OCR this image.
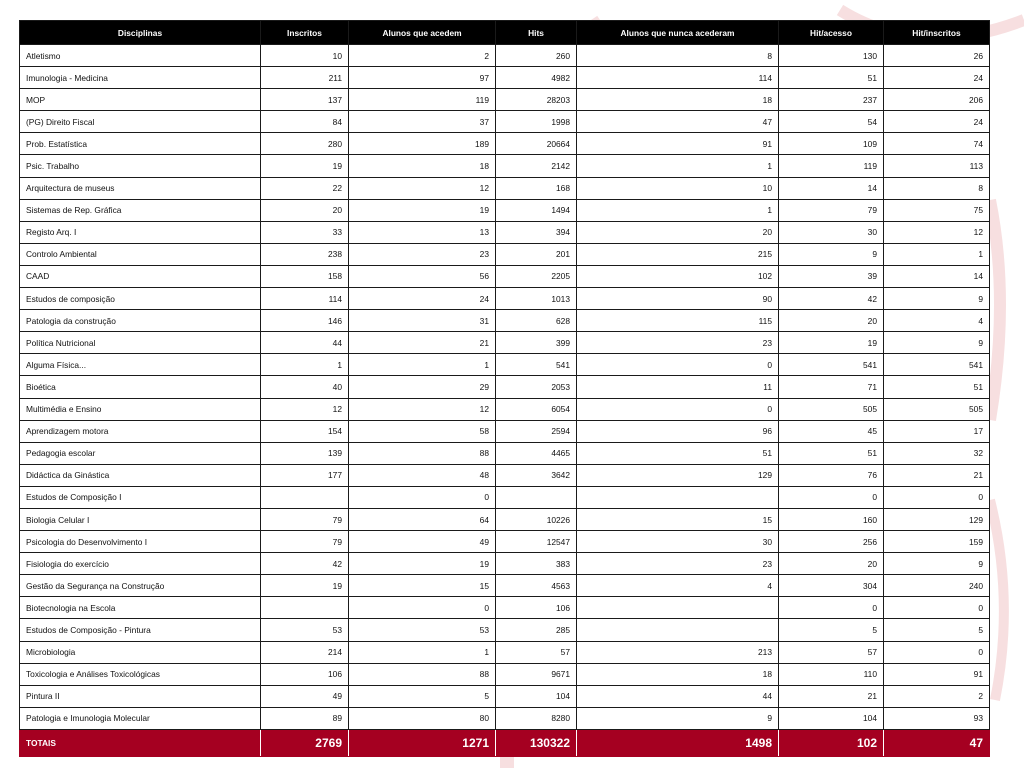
Disciplinas	Inscritos	Alunos que acedem	Hits	Alunos que nunca acederam	Hit/acesso	Hit/inscritos
Atletismo	10	2	260	8	130	26
Imunologia - Medicina	211	97	4982	114	51	24
MOP	137	119	28203	18	237	206
(PG) Direito Fiscal	84	37	1998	47	54	24
Prob. Estatística	280	189	20664	91	109	74
Psic. Trabalho	19	18	2142	1	119	113
Arquitectura de museus	22	12	168	10	14	8
Sistemas de Rep. Gráfica	20	19	1494	1	79	75
Registo Arq. I	33	13	394	20	30	12
Controlo Ambiental	238	23	201	215	9	1
CAAD	158	56	2205	102	39	14
Estudos de composição	114	24	1013	90	42	9
Patologia da construção	146	31	628	115	20	4
Política Nutricional	44	21	399	23	19	9
Alguma Física...	1	1	541	0	541	541
Bioética	40	29	2053	11	71	51
Multimédia e Ensino	12	12	6054	0	505	505
Aprendizagem motora	154	58	2594	96	45	17
Pedagogia escolar	139	88	4465	51	51	32
Didáctica da Ginástica	177	48	3642	129	76	21
Estudos de Composição I		0			0	0
Biologia Celular I	79	64	10226	15	160	129
Psicologia do Desenvolvimento I	79	49	12547	30	256	159
Fisiologia do exercício	42	19	383	23	20	9
Gestão da Segurança na Construção	19	15	4563	4	304	240
Biotecnologia na Escola		0	106		0	0
Estudos de Composição - Pintura	53	53	285		5	5
Microbiologia	214	1	57	213	57	0
Toxicologia e Análises Toxicológicas	106	88	9671	18	110	91
Pintura II	49	5	104	44	21	2
Patologia e Imunologia Molecular	89	80	8280	9	104	93
TOTAIS	2769	1271	130322	1498	102	47
